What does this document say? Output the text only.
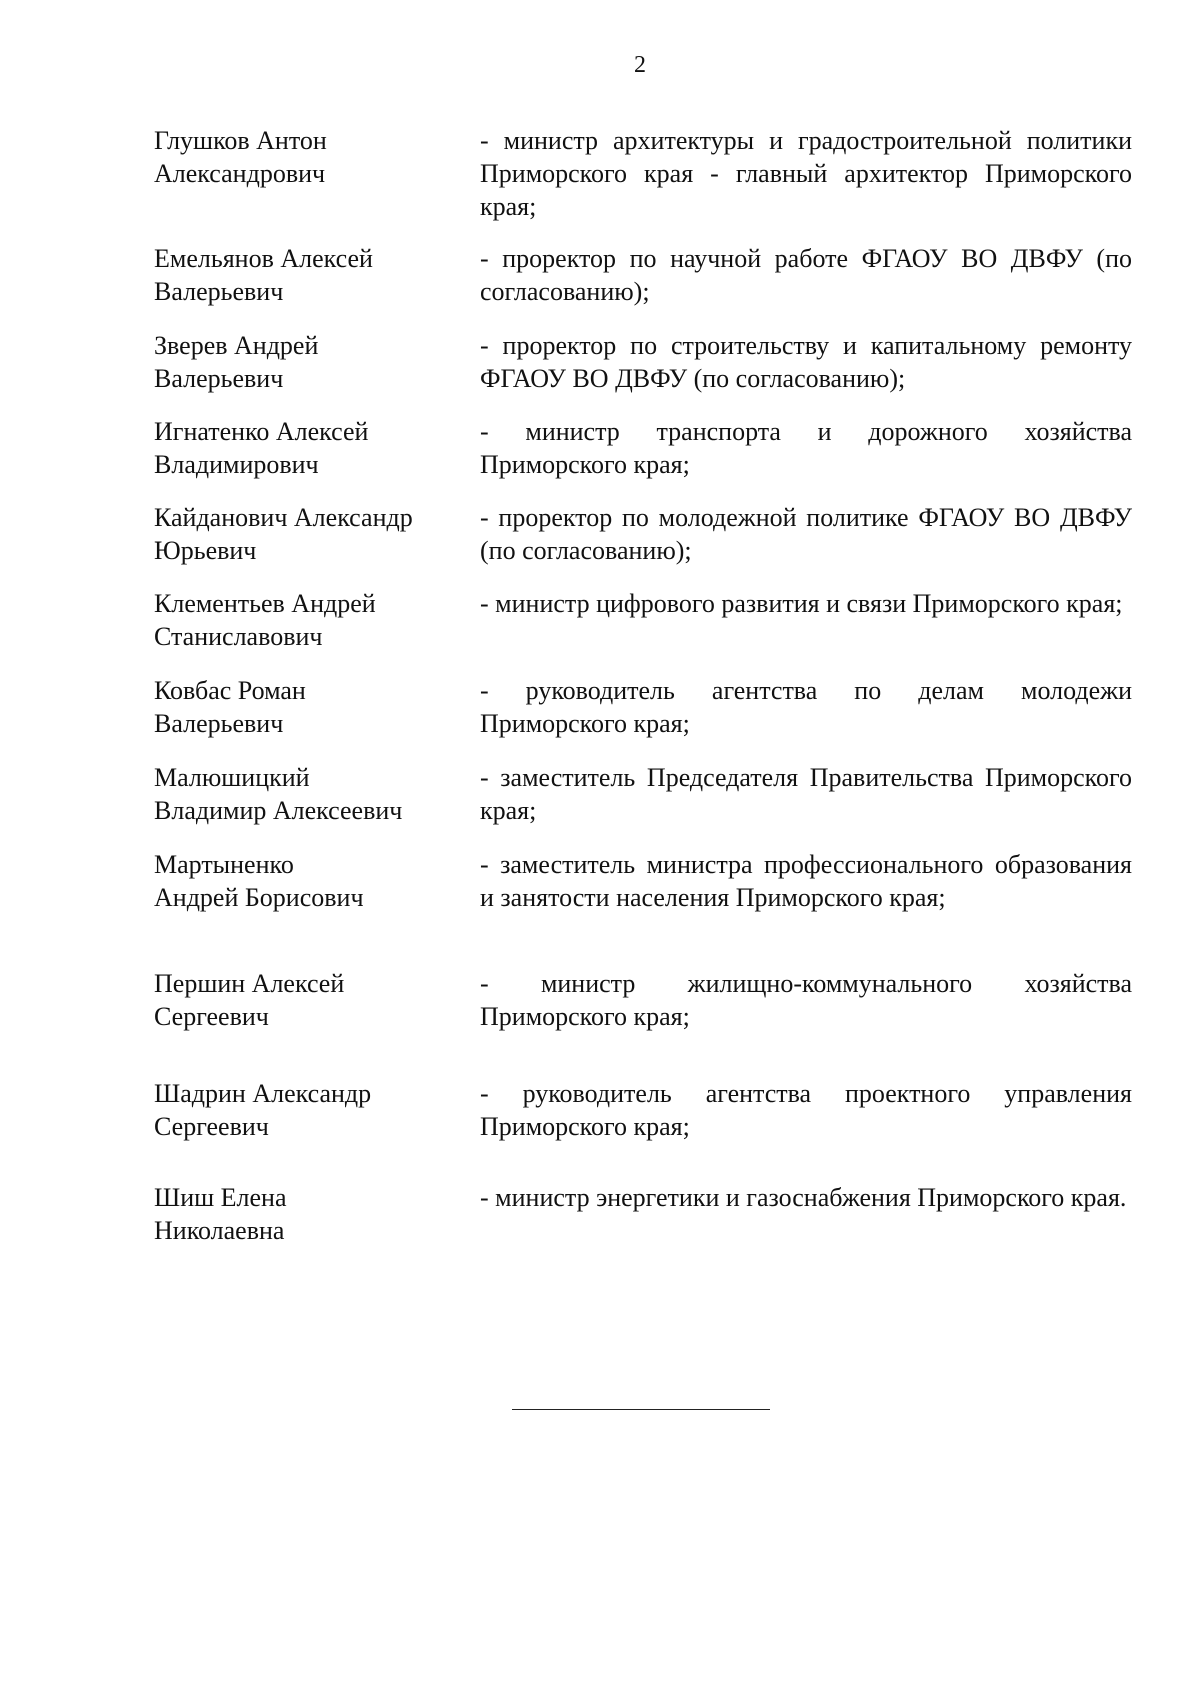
2
Глушков Антон
Александрович
- министр архитектуры и градостроительной политики Приморского края - главный архитектор Приморского края;
Емельянов Алексей
Валерьевич
- проректор по научной работе ФГАОУ ВО ДВФУ (по согласованию);
Зверев Андрей
Валерьевич
- проректор по строительству и капитальному ремонту ФГАОУ ВО ДВФУ (по согласованию);
Игнатенко Алексей
Владимирович
- министр транспорта и дорожного хозяйства Приморского края;
Кайданович Александр
Юрьевич
- проректор по молодежной политике ФГАОУ ВО ДВФУ (по согласованию);
Клементьев Андрей
Станиславович
- министр цифрового развития и связи Приморского края;
Ковбас Роман
Валерьевич
- руководитель агентства по делам молодежи Приморского края;
Малюшицкий
Владимир Алексеевич
- заместитель Председателя Правительства Приморского края;
Мартыненко
Андрей Борисович
- заместитель министра профессионального образования и занятости населения Приморского края;
Першин Алексей
Сергеевич
- министр жилищно-коммунального хозяйства Приморского края;
Шадрин Александр
Сергеевич
- руководитель агентства проектного управления Приморского края;
Шиш Елена
Николаевна
- министр энергетики и газоснабжения Приморского края.
